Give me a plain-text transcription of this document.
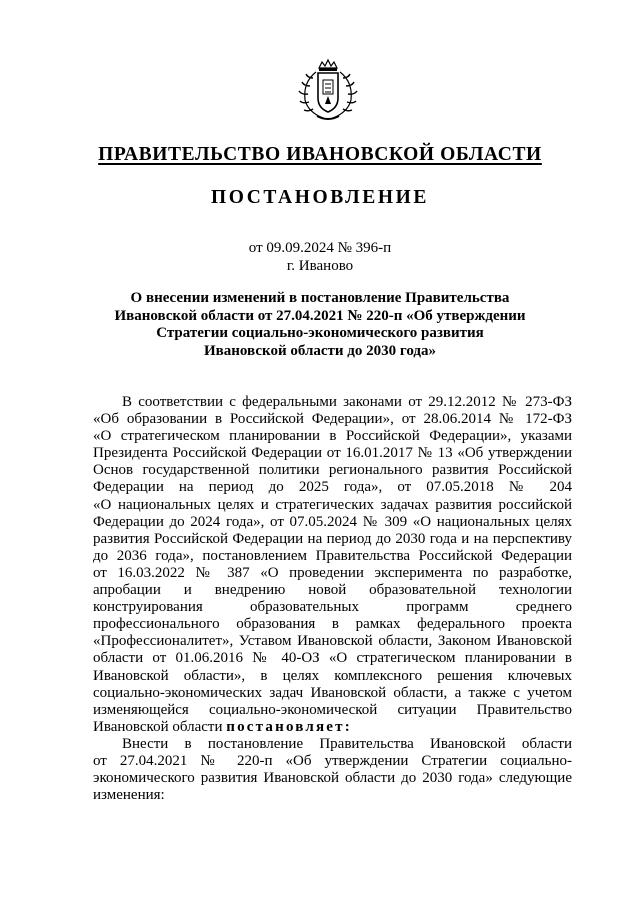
ПРАВИТЕЛЬСТВО ИВАНОВСКОЙ ОБЛАСТИ
ПОСТАНОВЛЕНИЕ
от 09.09.2024 № 396-п
г. Иваново
О внесении изменений в постановление Правительства
Ивановской области от 27.04.2021 № 220-п «Об утверждении
Стратегии социально-экономического развития
Ивановской области до 2030 года»
В соответствии с федеральными законами от 29.12.2012 № 273-ФЗ
«Об образовании в Российской Федерации», от 28.06.2014 № 172-ФЗ
«О стратегическом планировании в Российской Федерации», указами
Президента Российской Федерации от 16.01.2017 № 13 «Об утверждении
Основ государственной политики регионального развития Российской
Федерации на период до 2025 года», от 07.05.2018 № 204
«О национальных целях и стратегических задачах развития российской
Федерации до 2024 года», от 07.05.2024 № 309 «О национальных целях
развития Российской Федерации на период до 2030 года и на перспективу
до 2036 года», постановлением Правительства Российской Федерации
от 16.03.2022 № 387 «О проведении эксперимента по разработке,
апробации и внедрению новой образовательной технологии
конструирования образовательных программ среднего
профессионального образования в рамках федерального проекта
«Профессионалитет», Уставом Ивановской области, Законом Ивановской
области от 01.06.2016 № 40-ОЗ «О стратегическом планировании в
Ивановской области», в целях комплексного решения ключевых
социально-экономических задач Ивановской области, а также с учетом
изменяющейся социально-экономической ситуации Правительство
Ивановской области постановляет:
Внести в постановление Правительства Ивановской области
от 27.04.2021 № 220-п «Об утверждении Стратегии социально-
экономического развития Ивановской области до 2030 года» следующие
изменения:
